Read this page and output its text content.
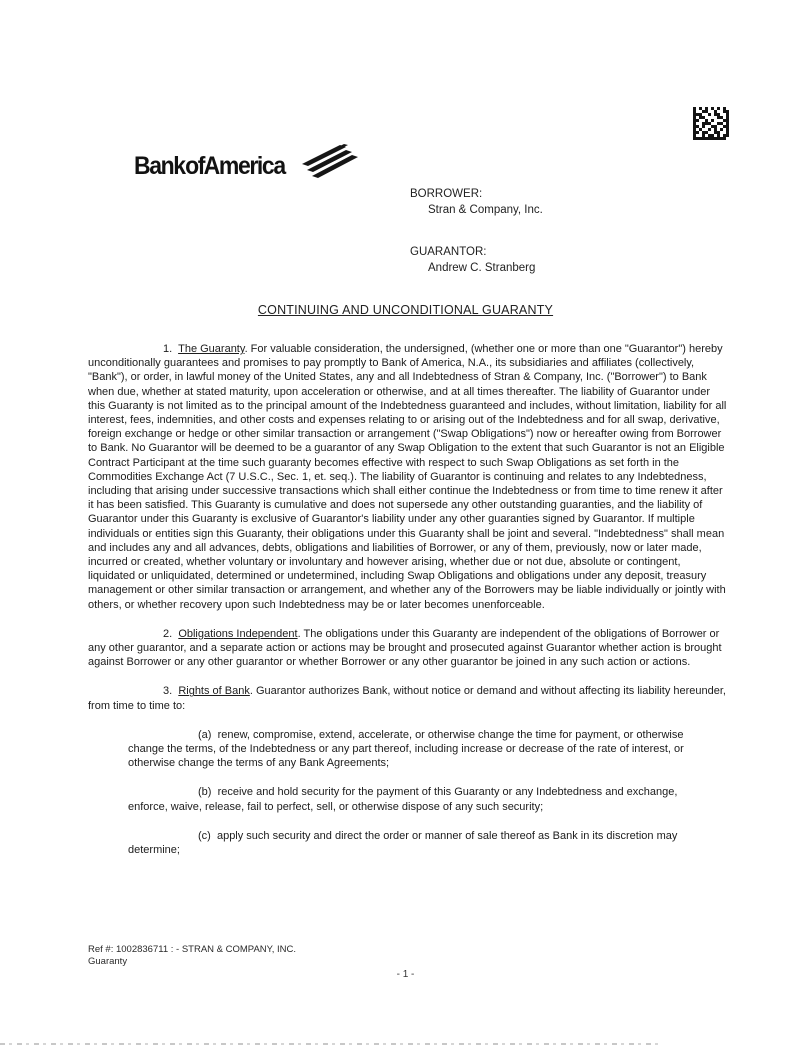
Bank of America
BORROWER:
Stran & Company, Inc.
GUARANTOR:
Andrew C. Stranberg
CONTINUING AND UNCONDITIONAL GUARANTY

1. The Guaranty. For valuable consideration, the undersigned, (whether one or more than one "Guarantor") hereby unconditionally guarantees and promises to pay promptly to Bank of America, N.A., its subsidiaries and affiliates (collectively, "Bank"), or order, in lawful money of the United States, any and all Indebtedness of Stran & Company, Inc. ("Borrower") to Bank when due, whether at stated maturity, upon acceleration or otherwise, and at all times thereafter. The liability of Guarantor under this Guaranty is not limited as to the principal amount of the Indebtedness guaranteed and includes, without limitation, liability for all interest, fees, indemnities, and other costs and expenses relating to or arising out of the Indebtedness and for all swap, derivative, foreign exchange or hedge or other similar transaction or arrangement ("Swap Obligations") now or hereafter owing from Borrower to Bank. No Guarantor will be deemed to be a guarantor of any Swap Obligation to the extent that such Guarantor is not an Eligible Contract Participant at the time such guaranty becomes effective with respect to such Swap Obligations as set forth in the Commodities Exchange Act (7 U.S.C., Sec. 1, et. seq.). The liability of Guarantor is continuing and relates to any Indebtedness, including that arising under successive transactions which shall either continue the Indebtedness or from time to time renew it after it has been satisfied. This Guaranty is cumulative and does not supersede any other outstanding guaranties, and the liability of Guarantor under this Guaranty is exclusive of Guarantor's liability under any other guaranties signed by Guarantor. If multiple individuals or entities sign this Guaranty, their obligations under this Guaranty shall be joint and several. "Indebtedness" shall mean and includes any and all advances, debts, obligations and liabilities of Borrower, or any of them, previously, now or later made, incurred or created, whether voluntary or involuntary and however arising, whether due or not due, absolute or contingent, liquidated or unliquidated, determined or undetermined, including Swap Obligations and obligations under any deposit, treasury management or other similar transaction or arrangement, and whether any of the Borrowers may be liable individually or jointly with others, or whether recovery upon such Indebtedness may be or later becomes unenforceable.

2. Obligations Independent. The obligations under this Guaranty are independent of the obligations of Borrower or any other guarantor, and a separate action or actions may be brought and prosecuted against Guarantor whether action is brought against Borrower or any other guarantor or whether Borrower or any other guarantor be joined in any such action or actions.

3. Rights of Bank. Guarantor authorizes Bank, without notice or demand and without affecting its liability hereunder, from time to time to:

(a) renew, compromise, extend, accelerate, or otherwise change the time for payment, or otherwise change the terms, of the Indebtedness or any part thereof, including increase or decrease of the rate of interest, or otherwise change the terms of any Bank Agreements;

(b) receive and hold security for the payment of this Guaranty or any Indebtedness and exchange, enforce, waive, release, fail to perfect, sell, or otherwise dispose of any such security;

(c) apply such security and direct the order or manner of sale thereof as Bank in its discretion may determine;

Ref #: 1002836711 : - STRAN & COMPANY, INC.
Guaranty
- 1 -
